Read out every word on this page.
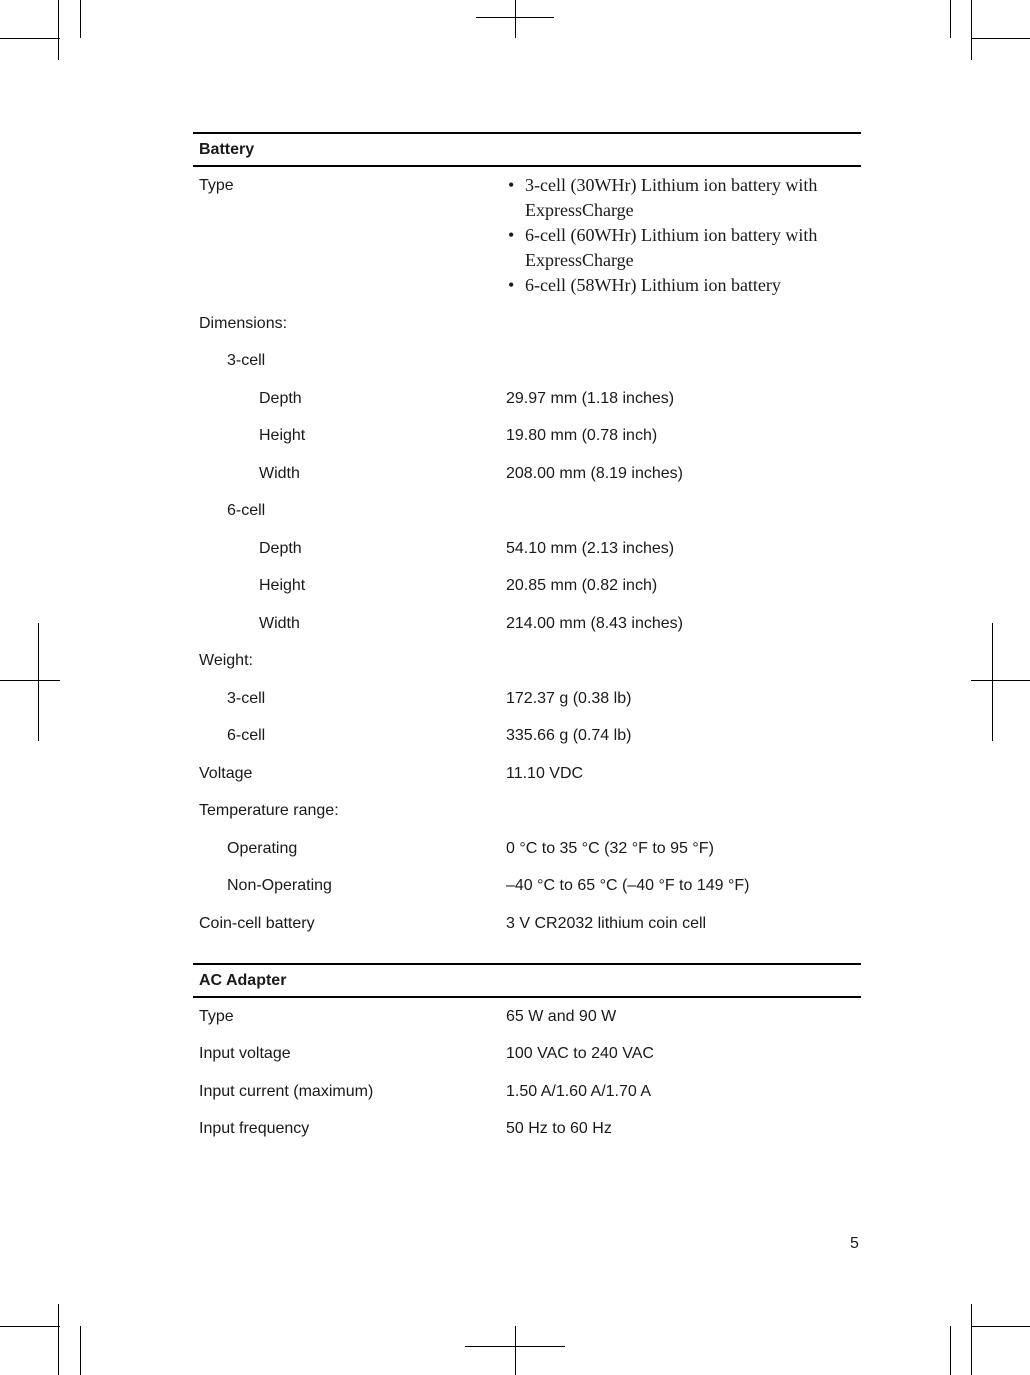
Battery
Type
•	3-cell (30WHr) Lithium ion battery with ExpressCharge
• 6-cell (60WHr) Lithium ion battery with ExpressCharge
• 6-cell (58WHr) Lithium ion battery
Dimensions:
3-cell
Depth	29.97 mm (1.18 inches)
Height	19.80 mm (0.78 inch)
Width	208.00 mm (8.19 inches)
6-cell
Depth	54.10 mm (2.13 inches)
Height	20.85 mm (0.82 inch)
Width	214.00 mm (8.43 inches)
Weight:
3-cell	172.37 g (0.38 lb)
6-cell	335.66 g (0.74 lb)
Voltage	11.10 VDC
Temperature range:
Operating	0 °C to 35 °C (32 °F to 95 °F)
Non-Operating	–40 °C to 65 °C (–40 °F to 149 °F)
Coin-cell battery	3 V CR2032 lithium coin cell
AC Adapter
Type	65 W and 90 W
Input voltage	100 VAC to 240 VAC
Input current (maximum)	1.50 A/1.60 A/1.70 A
Input frequency	50 Hz to 60 Hz
5
